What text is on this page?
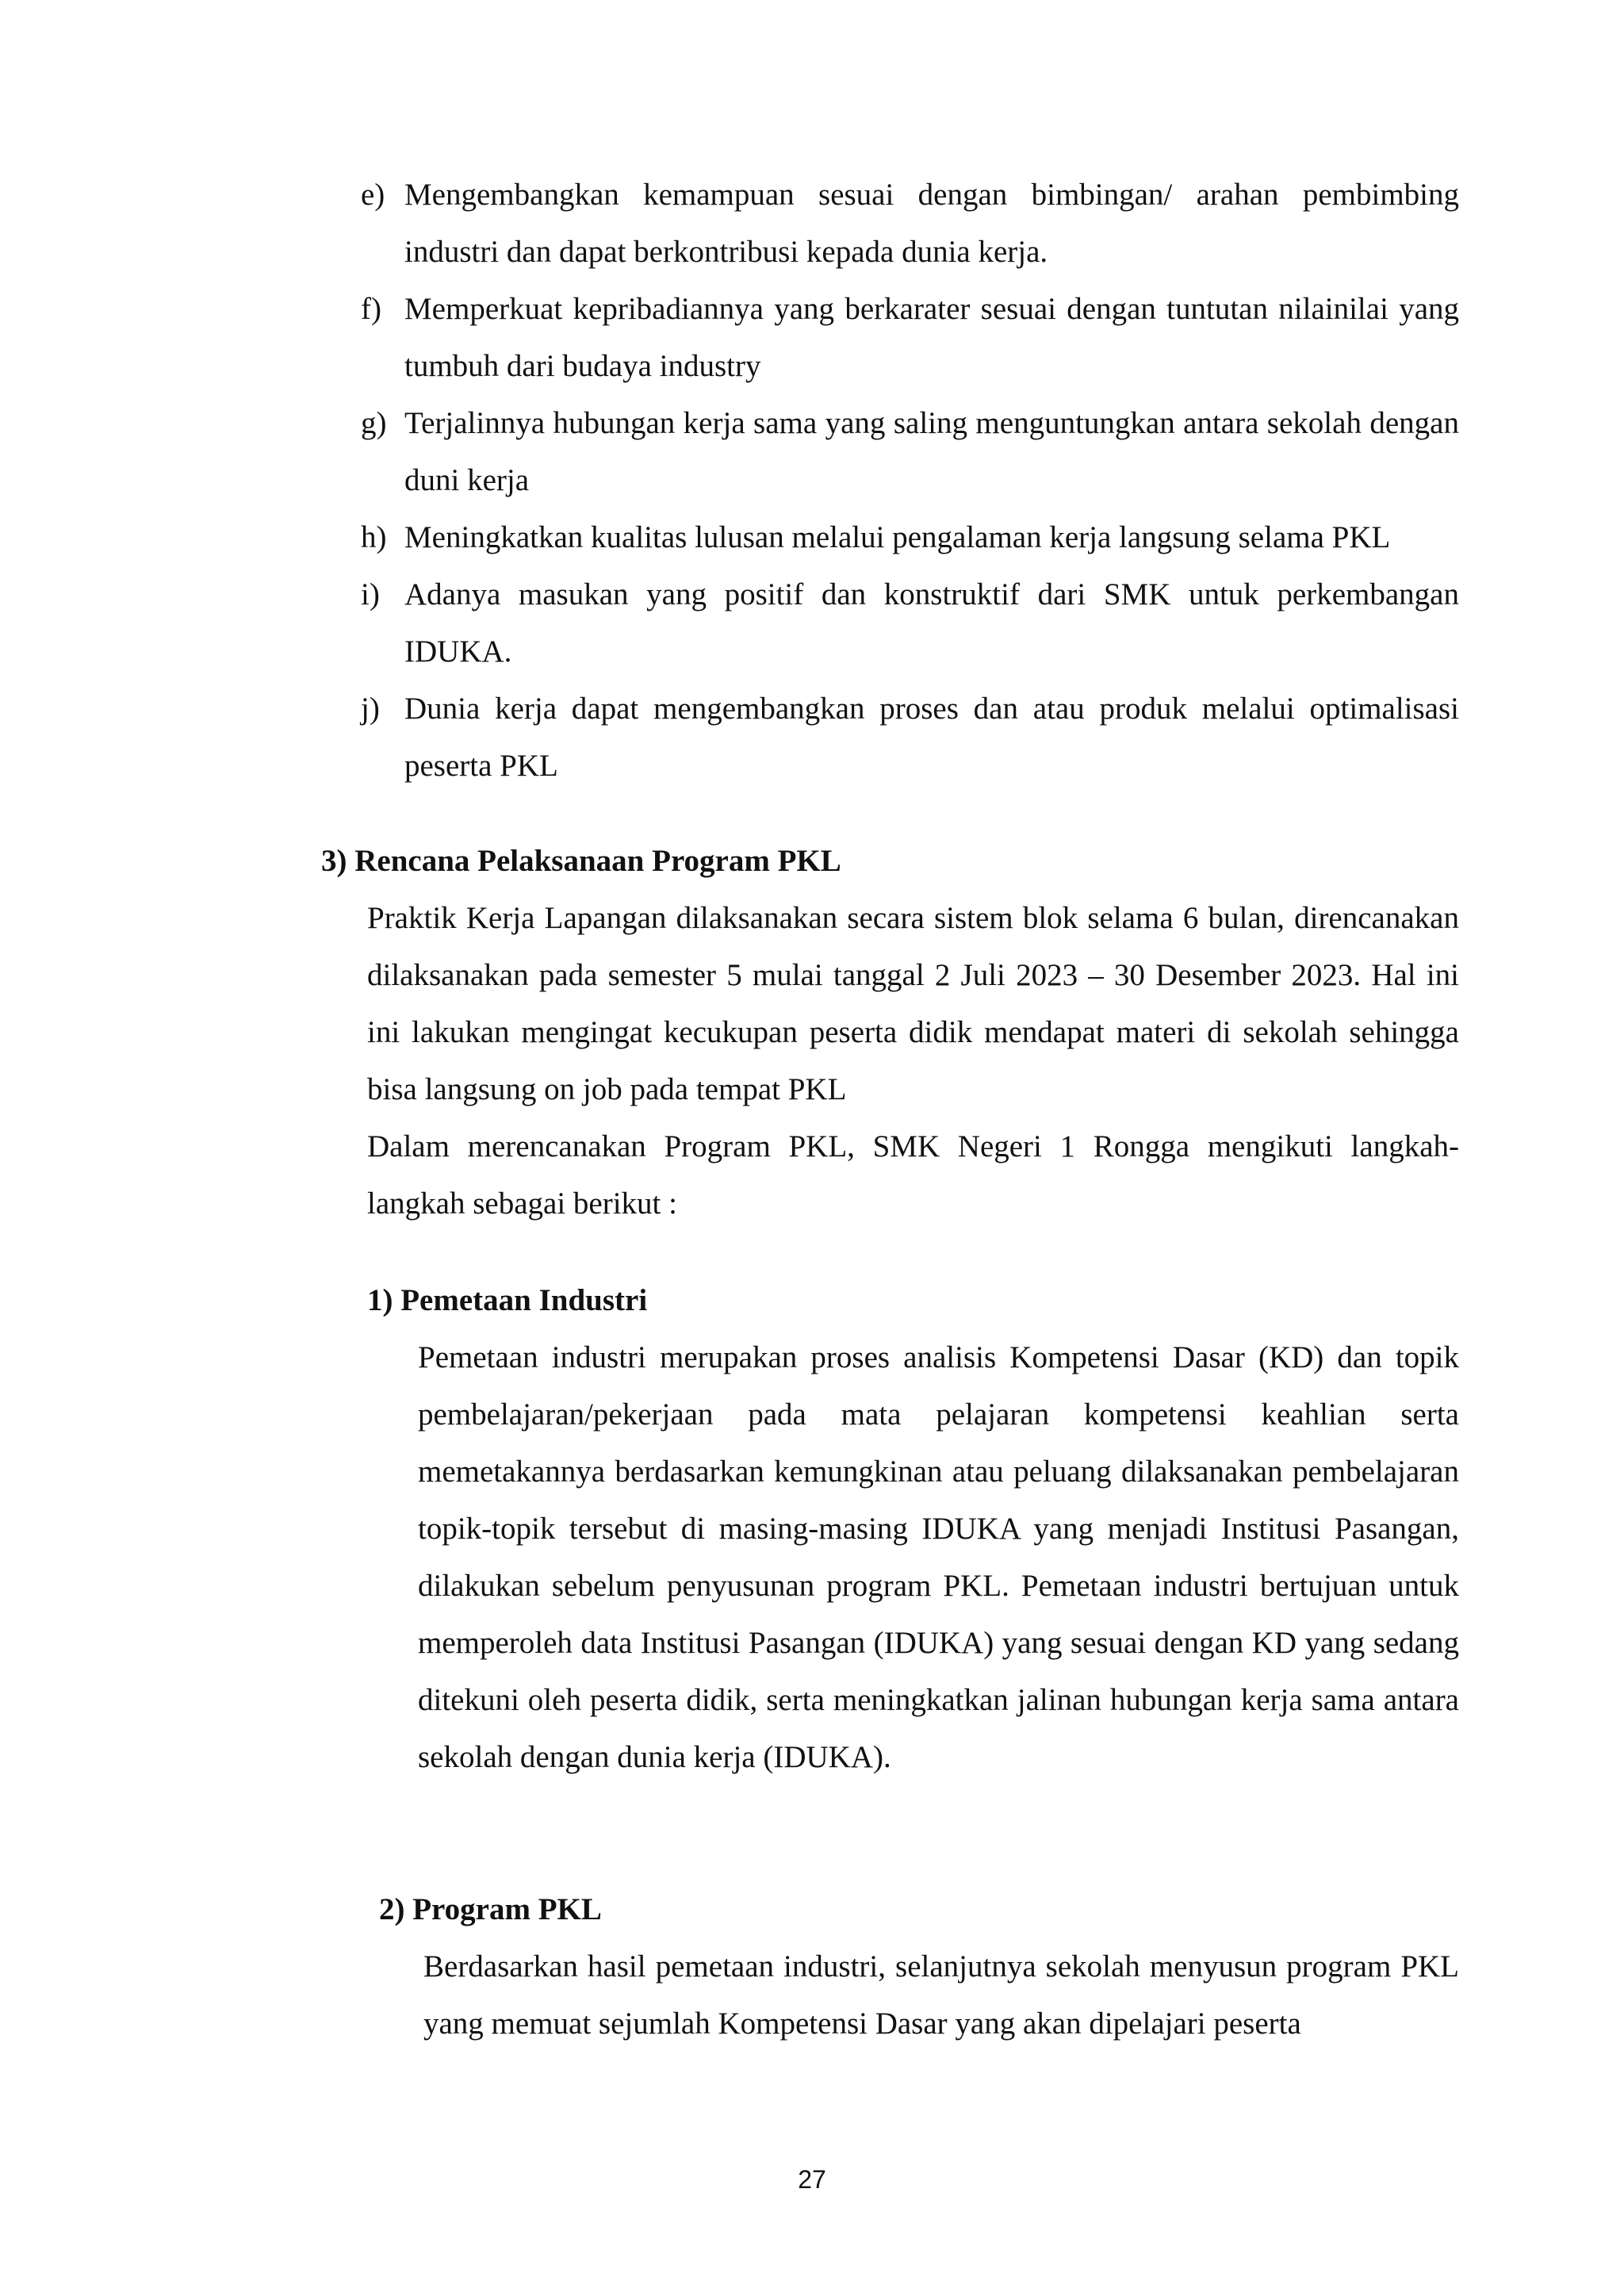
e) Mengembangkan kemampuan sesuai dengan bimbingan/ arahan pembimbing industri dan dapat berkontribusi kepada dunia kerja.
f) Memperkuat kepribadiannya yang berkarater sesuai dengan tuntutan nilainilai yang tumbuh dari budaya industry
g) Terjalinnya hubungan kerja sama yang saling menguntungkan antara sekolah dengan duni kerja
h) Meningkatkan kualitas lulusan melalui pengalaman kerja langsung selama PKL
i) Adanya masukan yang positif dan konstruktif dari SMK untuk perkembangan IDUKA.
j) Dunia kerja dapat mengembangkan proses dan atau produk melalui optimalisasi peserta PKL
3) Rencana Pelaksanaan Program PKL
Praktik Kerja Lapangan dilaksanakan secara sistem blok selama 6 bulan, direncanakan dilaksanakan pada semester 5 mulai tanggal 2 Juli 2023 – 30 Desember 2023. Hal ini ini lakukan mengingat kecukupan peserta didik mendapat materi di sekolah sehingga bisa langsung on job pada tempat PKL
Dalam merencanakan Program PKL, SMK Negeri 1 Rongga mengikuti langkah-langkah sebagai berikut :
1) Pemetaan Industri
Pemetaan industri merupakan proses analisis Kompetensi Dasar (KD) dan topik pembelajaran/pekerjaan pada mata pelajaran kompetensi keahlian serta memetakannya berdasarkan kemungkinan atau peluang dilaksanakan pembelajaran topik-topik tersebut di masing-masing IDUKA yang menjadi Institusi Pasangan, dilakukan sebelum penyusunan program PKL. Pemetaan industri bertujuan untuk memperoleh data Institusi Pasangan (IDUKA) yang sesuai dengan KD yang sedang ditekuni oleh peserta didik, serta meningkatkan jalinan hubungan kerja sama antara sekolah dengan dunia kerja (IDUKA).
2) Program PKL
Berdasarkan hasil pemetaan industri, selanjutnya sekolah menyusun program PKL yang memuat sejumlah Kompetensi Dasar yang akan dipelajari peserta
27
